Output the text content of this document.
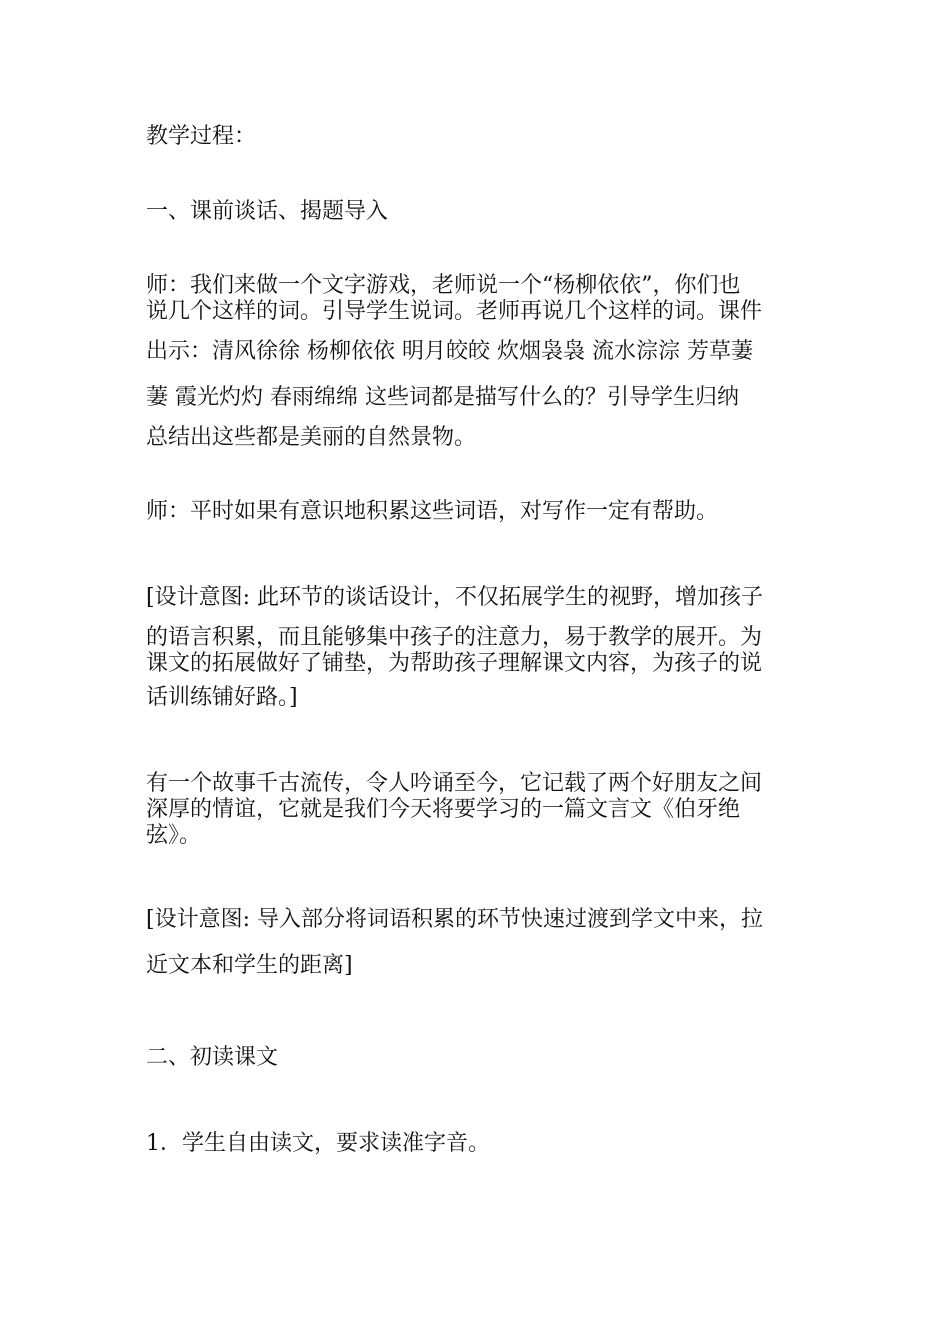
教学过程：

一、课前谈话、揭题导入

师：我们来做一个文字游戏，老师说一个“杨柳依依”，你们也

说几个这样的词。引导学生说词。老师再说几个这样的词。课件

出示：清风徐徐 杨柳依依 明月皎皎 炊烟袅袅 流水淙淙 芳草萋

萋 霞光灼灼 春雨绵绵 这些词都是描写什么的？引导学生归纳

总结出这些都是美丽的自然景物。

师：平时如果有意识地积累这些词语，对写作一定有帮助。

[设计意图: 此环节的谈话设计，不仅拓展学生的视野，增加孩子

的语言积累，而且能够集中孩子的注意力，易于教学的展开。为

课文的拓展做好了铺垫，为帮助孩子理解课文内容，为孩子的说

话训练铺好路。]

有一个故事千古流传，令人吟诵至今，它记载了两个好朋友之间

深厚的情谊，它就是我们今天将要学习的一篇文言文《伯牙绝

弦》。

[设计意图: 导入部分将词语积累的环节快速过渡到学文中来，拉

近文本和学生的距离]

二、初读课文

1．学生自由读文，要求读准字音。
